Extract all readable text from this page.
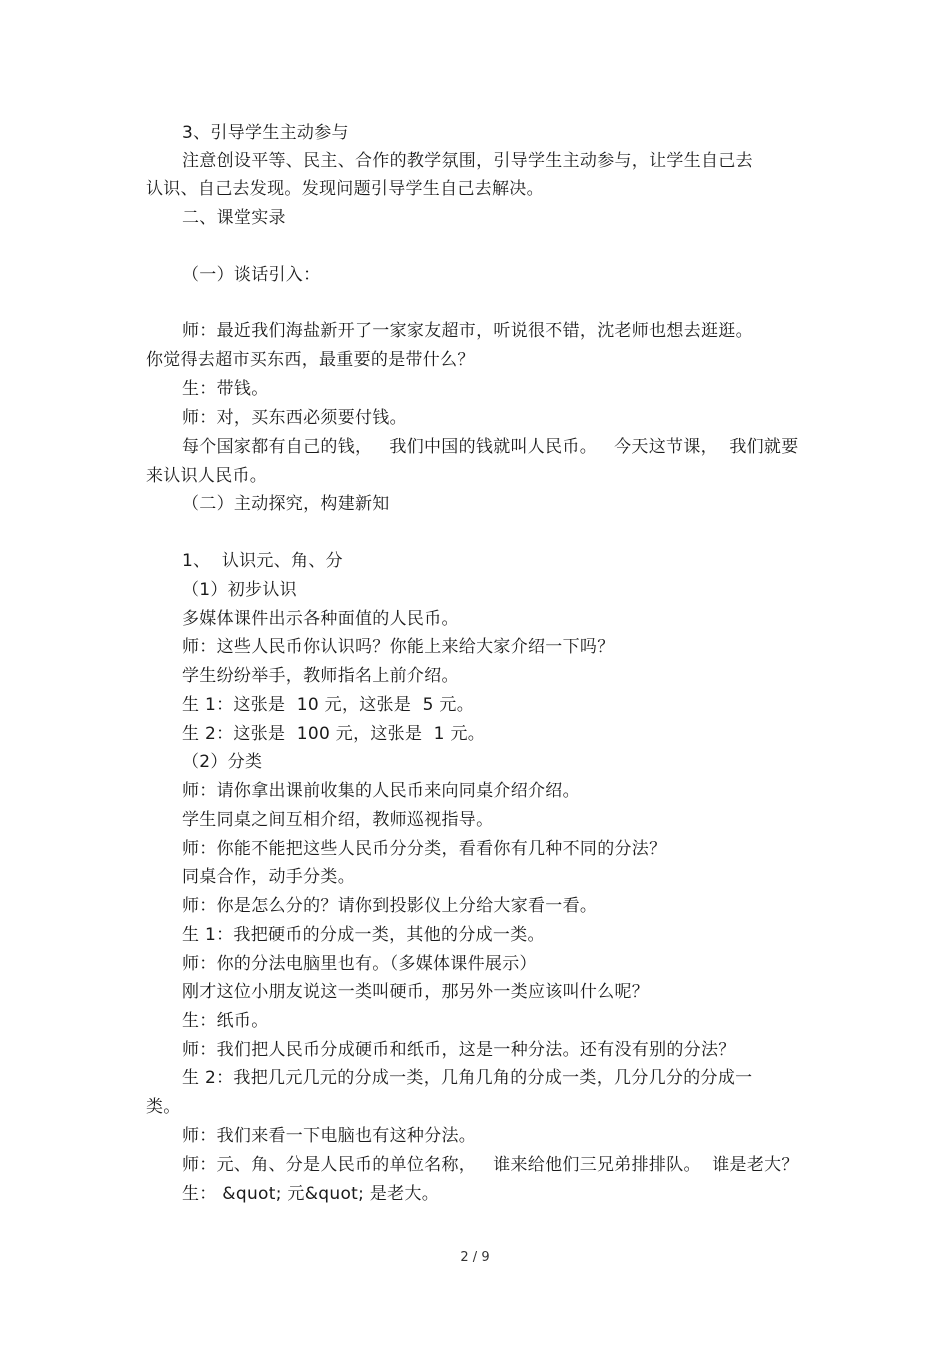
3、引导学生主动参与
注意创设平等、民主、合作的教学氛围，引导学生主动参与，让学生自己去
认识、自己去发现。发现问题引导学生自己去解决。
二、课堂实录
（一）谈话引入：
师：最近我们海盐新开了一家家友超市，听说很不错，沈老师也想去逛逛。
你觉得去超市买东西，最重要的是带什么？
生：带钱。
师：对，买东西必须要付钱。
每个国家都有自己的钱，   我们中国的钱就叫人民币。   今天这节课，  我们就要
来认识人民币。
（二）主动探究，构建新知
1、  认识元、角、分
（1）初步认识
多媒体课件出示各种面值的人民币。
师：这些人民币你认识吗？你能上来给大家介绍一下吗？
学生纷纷举手，教师指名上前介绍。
生 1：这张是  10 元，这张是  5 元。
生 2：这张是  100 元，这张是  1 元。
（2）分类
师：请你拿出课前收集的人民币来向同桌介绍介绍。
学生同桌之间互相介绍，教师巡视指导。
师：你能不能把这些人民币分分类，看看你有几种不同的分法？
同桌合作，动手分类。
师：你是怎么分的？请你到投影仪上分给大家看一看。
生 1：我把硬币的分成一类，其他的分成一类。
师：你的分法电脑里也有。（多媒体课件展示）
刚才这位小朋友说这一类叫硬币，那另外一类应该叫什么呢？
生：纸币。
师：我们把人民币分成硬币和纸币，这是一种分法。还有没有别的分法？
生 2：我把几元几元的分成一类，几角几角的分成一类，几分几分的分成一
类。
师：我们来看一下电脑也有这种分法。
师：元、角、分是人民币的单位名称，   谁来给他们三兄弟排排队。  谁是老大？
生： &quot; 元&quot; 是老大。
2 / 9
